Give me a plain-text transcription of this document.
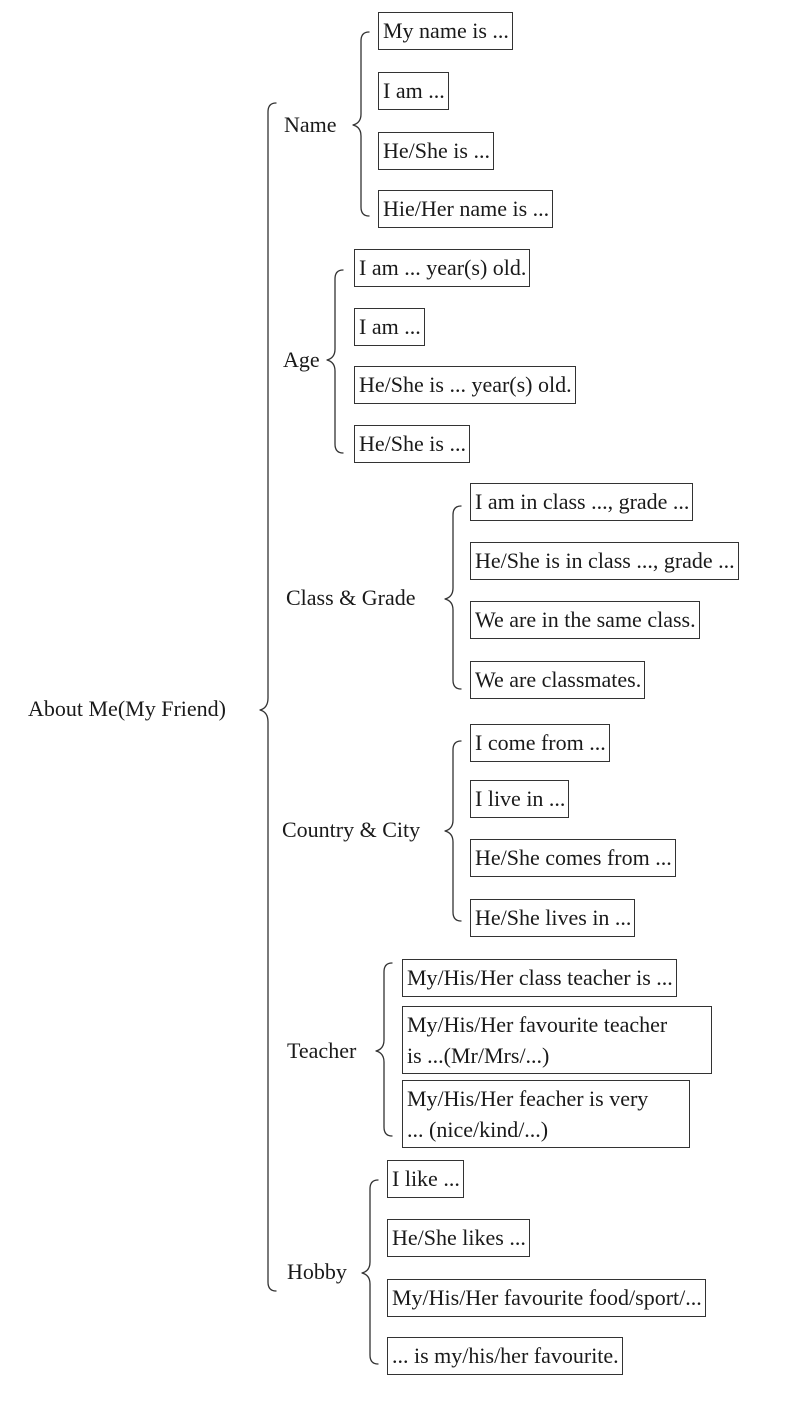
About Me(My Friend)
Name
My name is ...
I am ...
He/She is ...
Hie/Her name is ...
Age
I am ... year(s) old.
I am ...
He/She is ... year(s) old.
He/She is ...
Class & Grade
I am in class ..., grade ...
He/She is in class ..., grade ...
We are in the same class.
We are classmates.
Country & City
I come from ...
I live in ...
He/She comes from ...
He/She lives in ...
Teacher
My/His/Her class teacher is ...
My/His/Her favourite teacher
is ...(Mr/Mrs/...)
My/His/Her feacher is very
... (nice/kind/...)
Hobby
I like ...
He/She likes ...
My/His/Her favourite food/sport/...
... is my/his/her favourite.
